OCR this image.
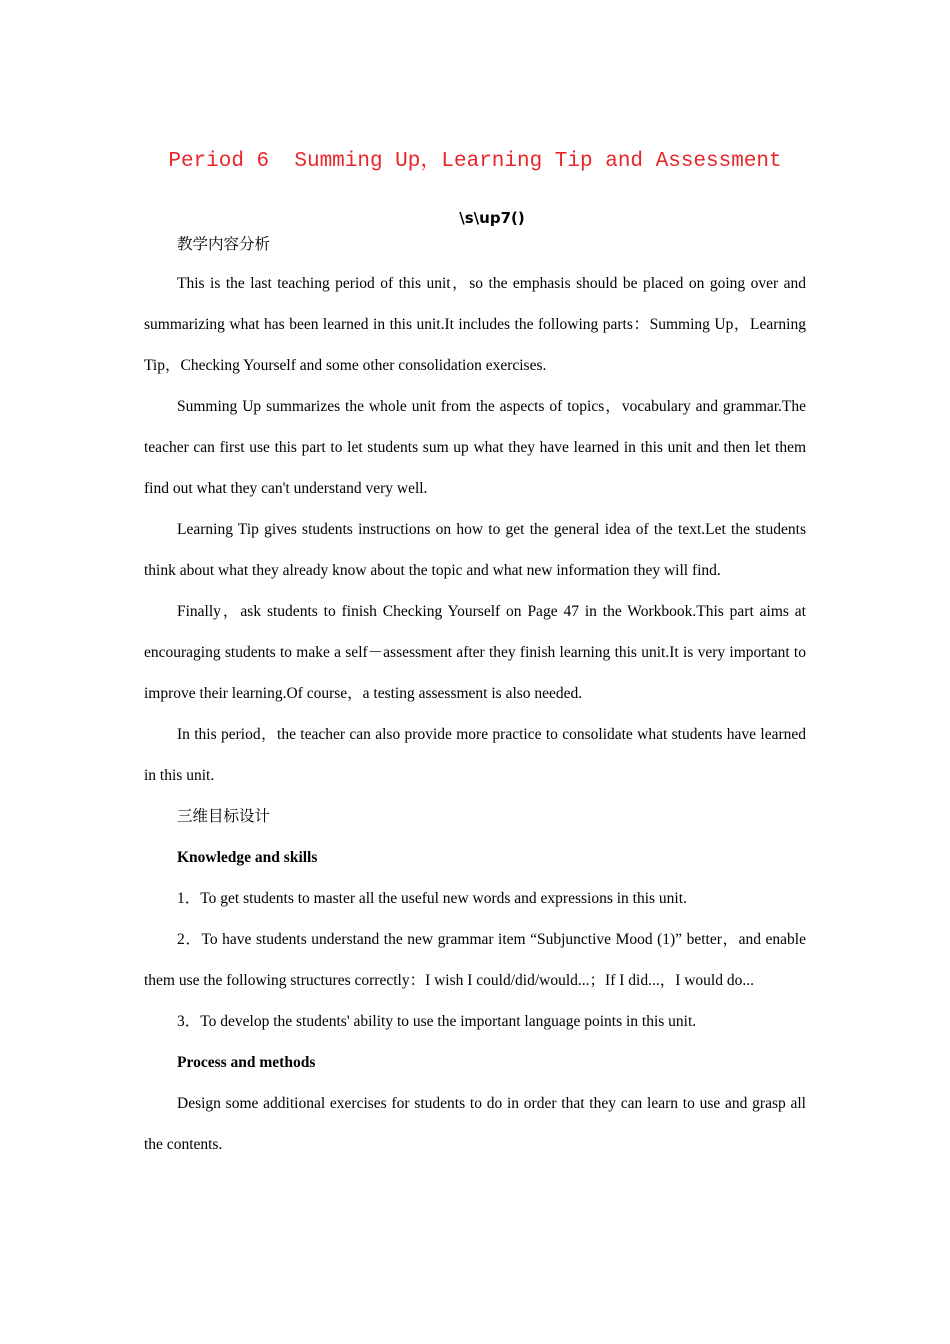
Period 6  Summing Up，Learning Tip and Assessment
\s\up7()

教学内容分析

This is the last teaching period of this unit，so the emphasis should be placed on going over and summarizing what has been learned in this unit.It includes the following parts：Summing Up，Learning Tip，Checking Yourself and some other consolidation exercises.

Summing Up summarizes the whole unit from the aspects of topics，vocabulary and grammar.The teacher can first use this part to let students sum up what they have learned in this unit and then let them find out what they can't understand very well.

Learning Tip gives students instructions on how to get the general idea of the text.Let the students think about what they already know about the topic and what new information they will find.

Finally，ask students to finish Checking Yourself on Page 47 in the Workbook.This part aims at encouraging students to make a self－assessment after they finish learning this unit.It is very important to improve their learning.Of course，a testing assessment is also needed.

In this period，the teacher can also provide more practice to consolidate what students have learned in this unit.

三维目标设计

Knowledge and skills

1．To get students to master all the useful new words and expressions in this unit.

2．To have students understand the new grammar item “Subjunctive Mood (1)” better，and enable them use the following structures correctly：I wish I could/did/would...；If I did...，I would do...

3．To develop the students' ability to use the important language points in this unit.

Process and methods

Design some additional exercises for students to do in order that they can learn to use and grasp all the contents.
